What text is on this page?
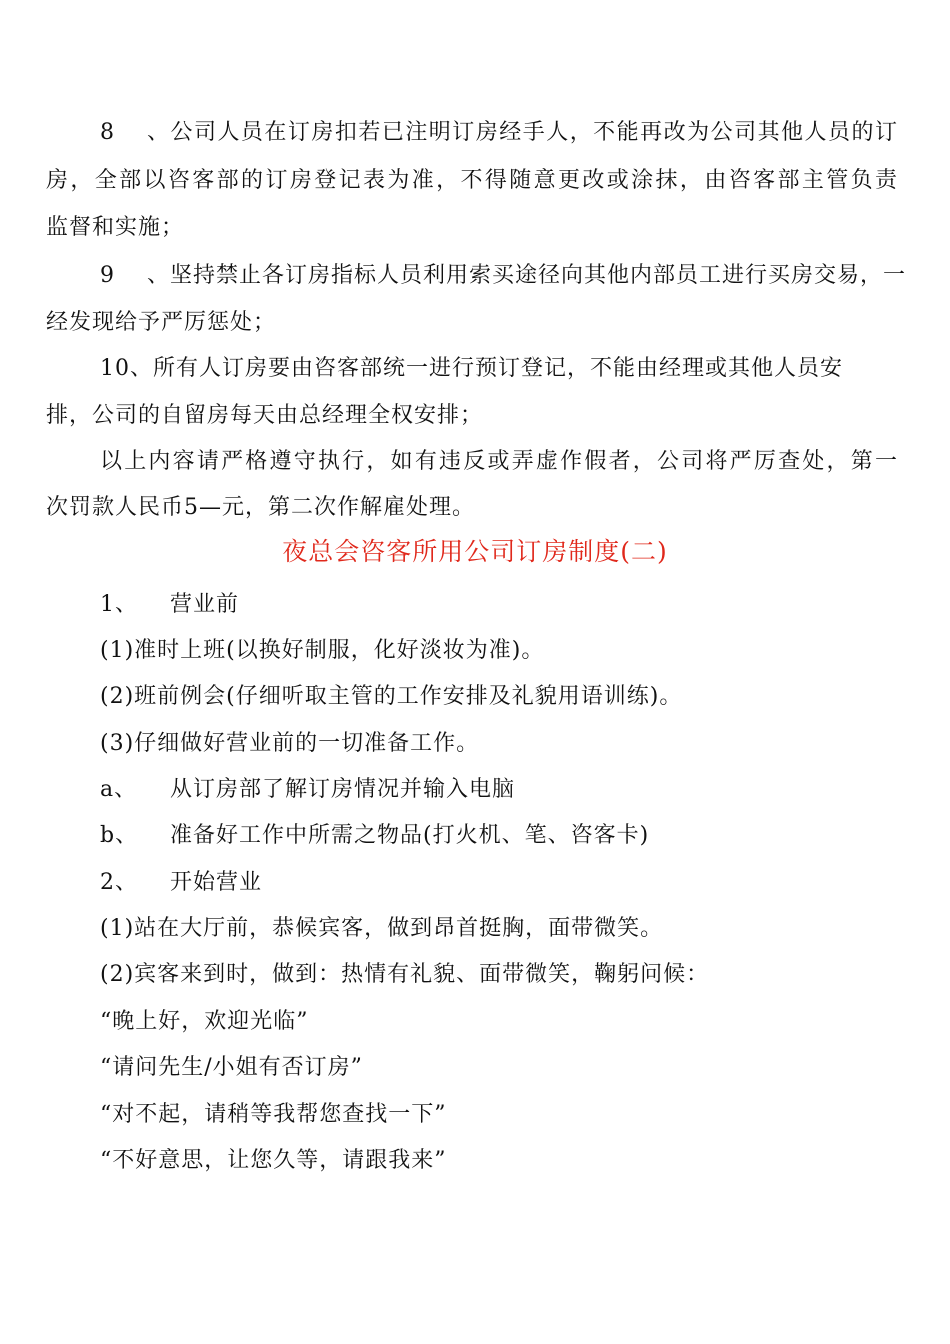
8、公司人员在订房扣若已注明订房经手人，不能再改为公司其他人员的订
房，全部以咨客部的订房登记表为准，不得随意更改或涂抹，由咨客部主管负责
监督和实施；
9、坚持禁止各订房指标人员利用索买途径向其他内部员工进行买房交易，一
经发现给予严厉惩处；
10、所有人订房要由咨客部统一进行预订登记，不能由经理或其他人员安
排，公司的自留房每天由总经理全权安排；
以上内容请严格遵守执行，如有违反或弄虚作假者，公司将严厉查处，第一
次罚款人民币5—元，第二次作解雇处理。
夜总会咨客所用公司订房制度(二)
1、 营业前
(1)准时上班(以换好制服，化好淡妆为准)。
(2)班前例会(仔细听取主管的工作安排及礼貌用语训练)。
(3)仔细做好营业前的一切准备工作。
a、 从订房部了解订房情况并输入电脑
b、 准备好工作中所需之物品(打火机、笔、咨客卡)
2、 开始营业
(1)站在大厅前，恭候宾客，做到昂首挺胸，面带微笑。
(2)宾客来到时，做到：热情有礼貌、面带微笑，鞠躬问候：
“晚上好，欢迎光临”
“请问先生/小姐有否订房”
“对不起，请稍等我帮您查找一下”
“不好意思，让您久等，请跟我来”
